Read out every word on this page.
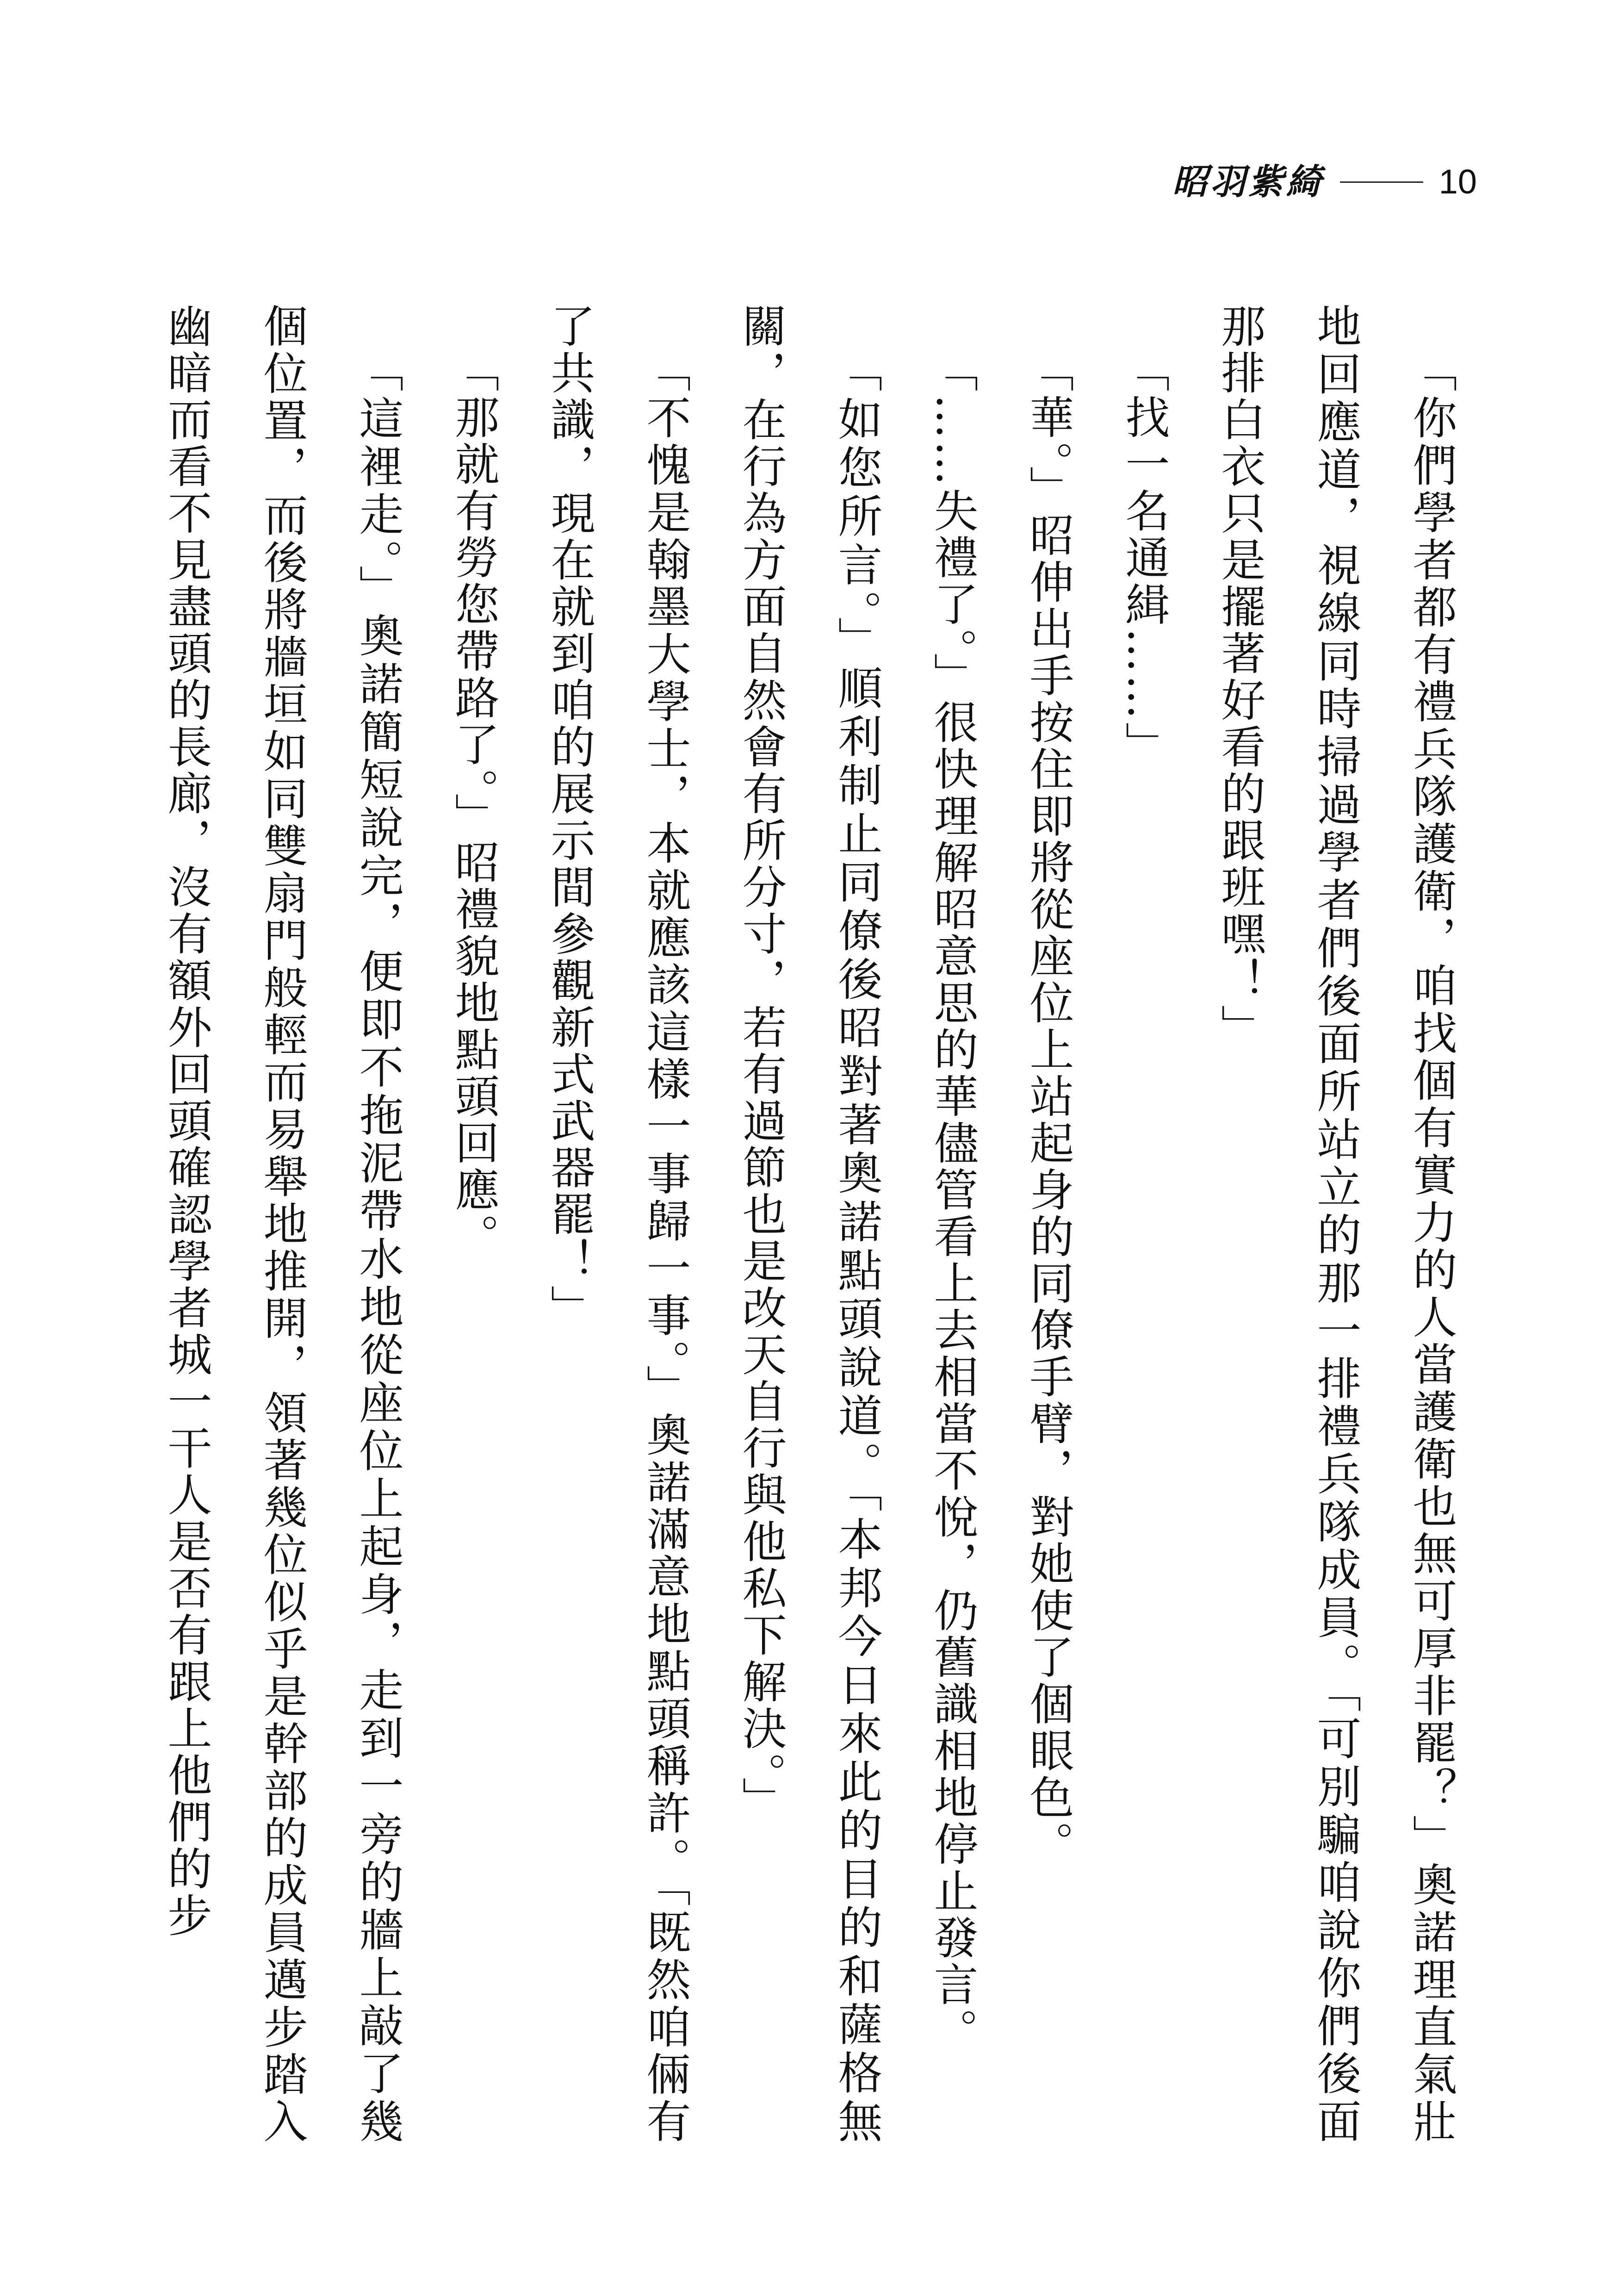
昭羽紫綺	10

「你們學者都有禮兵隊護衛，咱找個有實力的人當護衛也無可厚非罷？」奧諾理直氣壯地回應道，視線同時掃過學者們後面所站立的那一排禮兵隊成員。「可別騙咱說你們後面那排白衣只是擺著好看的跟班嘿！」

「找一名通緝……」

「華。」昭伸出手按住即將從座位上站起身的同僚手臂，對她使了個眼色。

「……失禮了。」很快理解昭意思的華儘管看上去相當不悅，仍舊識相地停止發言。

「如您所言。」順利制止同僚後昭對著奧諾點頭說道。「本邦今日來此的目的和薩格無關，在行為方面自然會有所分寸，若有過節也是改天自行與他私下解決。」

「不愧是翰墨大學士，本就應該這樣一事歸一事。」奧諾滿意地點頭稱許。「既然咱倆有了共識，現在就到咱的展示間參觀新式武器罷！」

「那就有勞您帶路了。」昭禮貌地點頭回應。

「這裡走。」奧諾簡短說完，便即不拖泥帶水地從座位上起身，走到一旁的牆上敲了幾個位置，而後將牆垣如同雙扇門般輕而易舉地推開，領著幾位似乎是幹部的成員邁步踏入幽暗而看不見盡頭的長廊，沒有額外回頭確認學者城一干人是否有跟上他們的步
